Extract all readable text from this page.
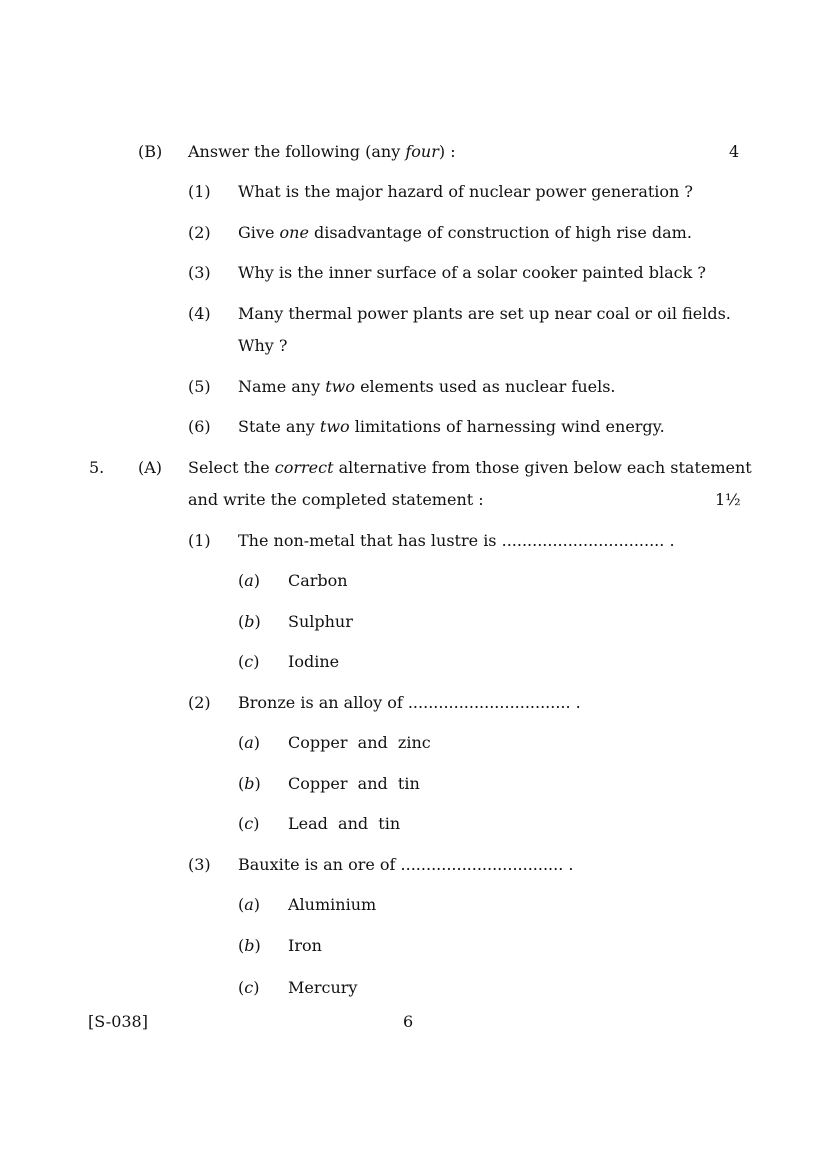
(B) Answer the following (any four) :	4
(1) What is the major hazard of nuclear power generation ?
(2) Give one disadvantage of construction of high rise dam.
(3) Why is the inner surface of a solar cooker painted black ?
(4) Many thermal power plants are set up near coal or oil fields.
Why ?
(5) Name any two elements used as nuclear fuels.
(6) State any two limitations of harnessing wind energy.
5. (A) Select the correct alternative from those given below each statement
and write the completed statement :	1½
(1) The non-metal that has lustre is ................................ .
(a) Carbon
(b) Sulphur
(c) Iodine
(2) Bronze is an alloy of ................................ .
(a) Copper  and  zinc
(b) Copper  and  tin
(c) Lead  and  tin
(3) Bauxite is an ore of ................................ .
(a) Aluminium
(b) Iron
(c) Mercury
[S-038]	6
